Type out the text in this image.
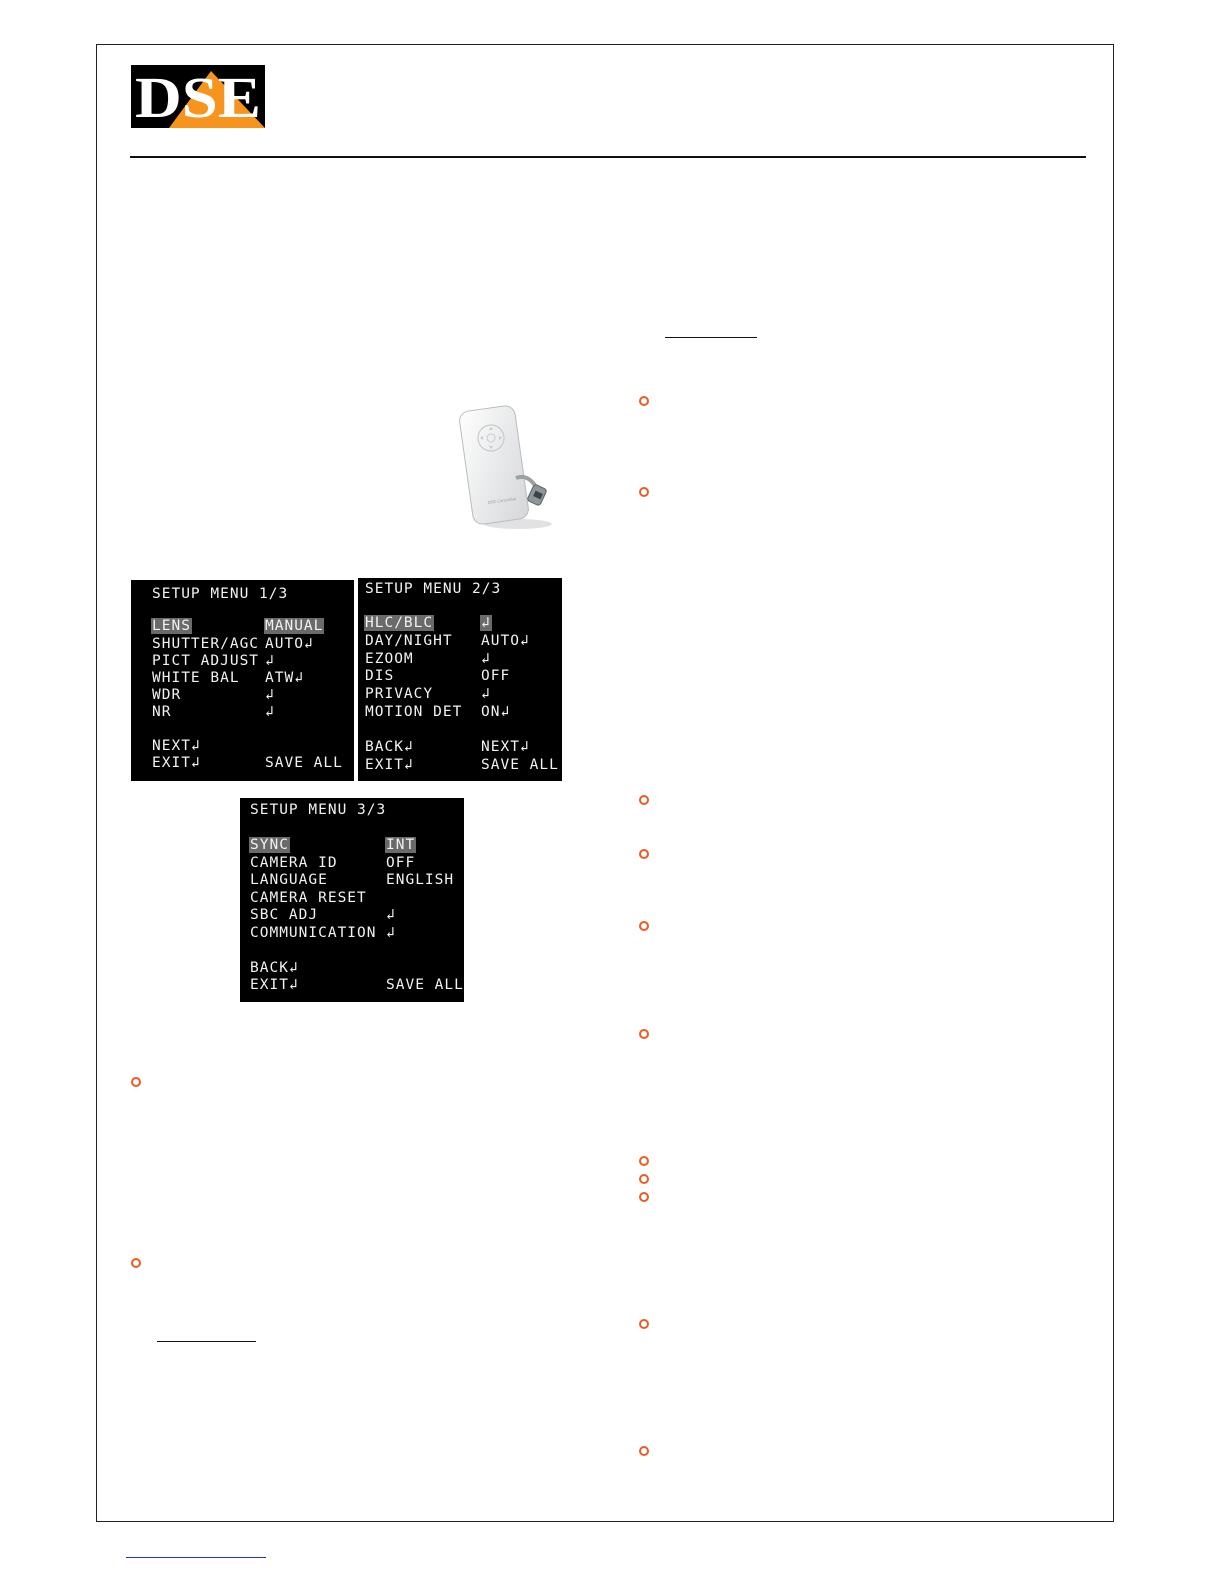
DSE
DSE Controller
SETUP MENU 1/3
LENS	MANUAL
SHUTTER/AGC AUTO↲
PICT ADJUST ↲
WHITE BAL ATW↲
WDR	↲
NR	↲
NEXT↲
EXIT↲	SAVE ALL
SETUP MENU 2/3
HLC/BLC	↲
DAY/NIGHT AUTO↲
EZOOM	↲
DIS	OFF
PRIVACY	↲
MOTION DET ON↲
BACK↲	NEXT↲
EXIT↲	SAVE ALL
SETUP MENU 3/3
SYNC	INT
CAMERA ID	OFF
LANGUAGE	ENGLISH
CAMERA RESET
SBC ADJ	↲
COMMUNICATION ↲
BACK↲
EXIT↲	SAVE ALL
